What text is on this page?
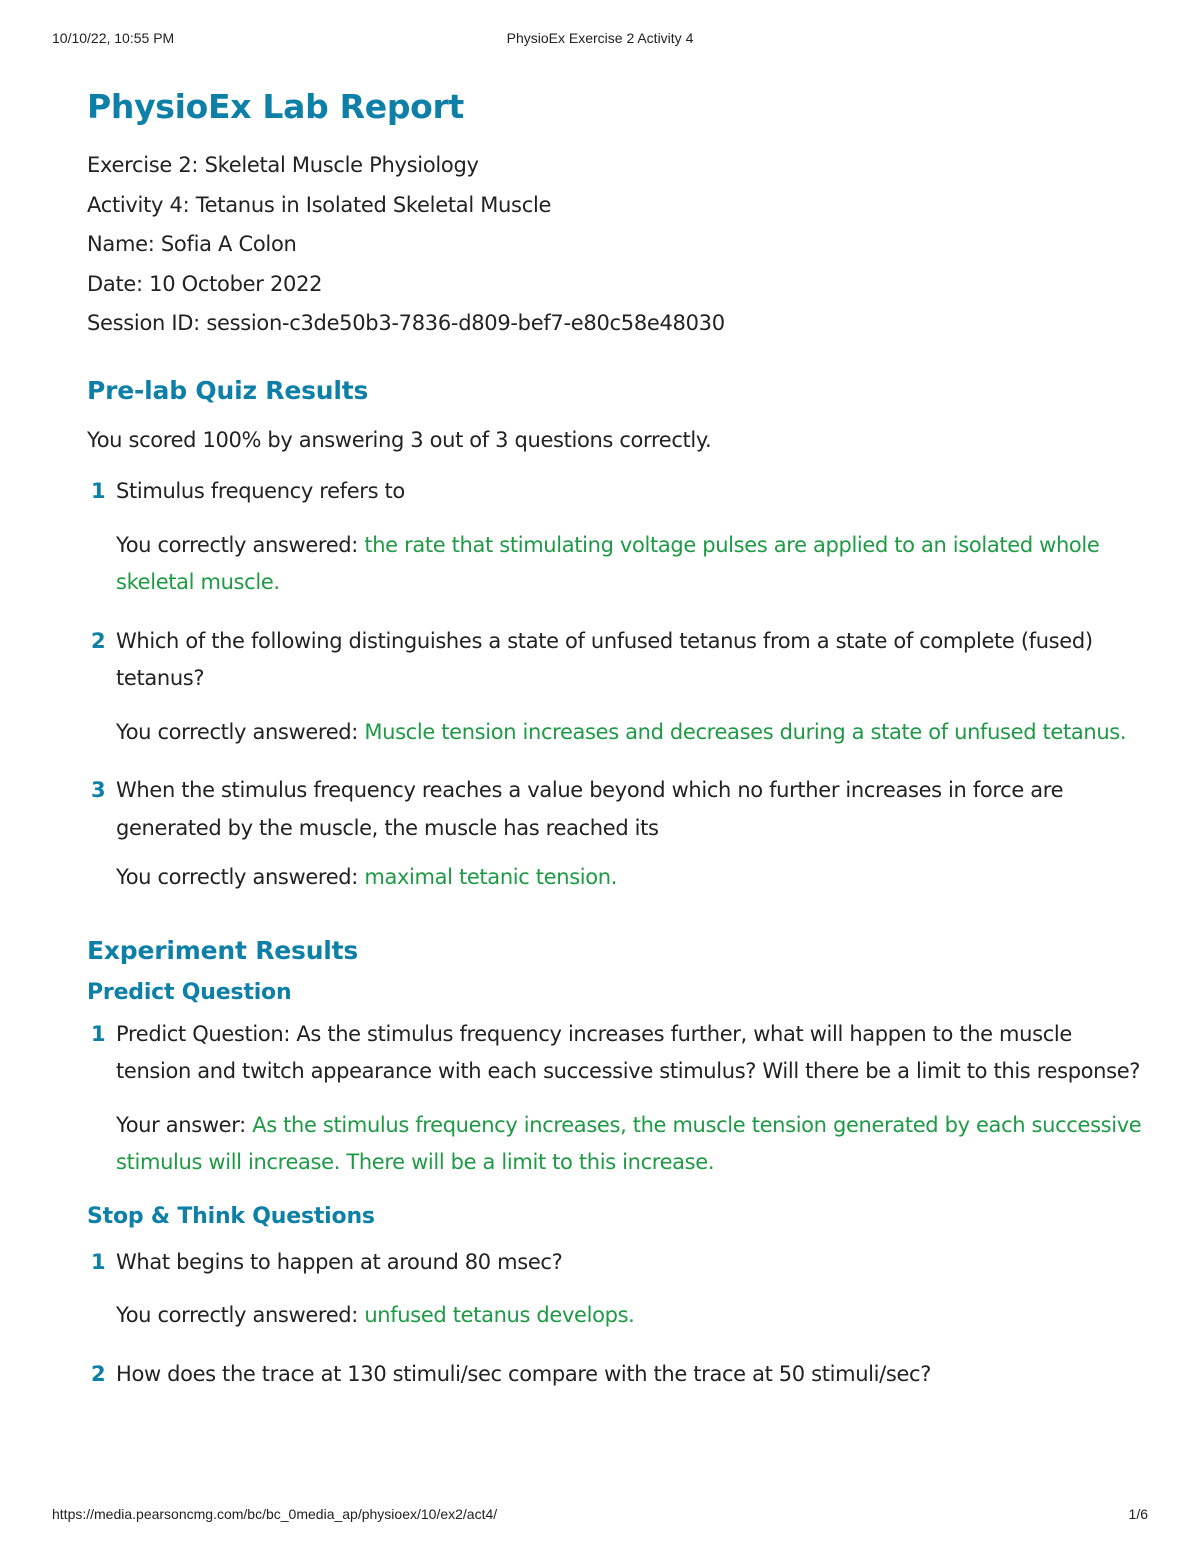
10/10/22, 10:55 PM	PhysioEx Exercise 2 Activity 4
PhysioEx Lab Report
Exercise 2: Skeletal Muscle Physiology
Activity 4: Tetanus in Isolated Skeletal Muscle
Name: Sofia A Colon
Date: 10 October 2022
Session ID: session-c3de50b3-7836-d809-bef7-e80c58e48030
Pre-lab Quiz Results

You scored 100% by answering 3 out of 3 questions correctly.

1 Stimulus frequency refers to
You correctly answered: the rate that stimulating voltage pulses are applied to an isolated whole skeletal muscle.
2 Which of the following distinguishes a state of unfused tetanus from a state of complete (fused) tetanus?
You correctly answered: Muscle tension increases and decreases during a state of unfused tetanus.
3 When the stimulus frequency reaches a value beyond which no further increases in force are generated by the muscle, the muscle has reached its
You correctly answered: maximal tetanic tension.
Experiment Results
Predict Question
1 Predict Question: As the stimulus frequency increases further, what will happen to the muscle tension and twitch appearance with each successive stimulus? Will there be a limit to this response?
Your answer: As the stimulus frequency increases, the muscle tension generated by each successive stimulus will increase. There will be a limit to this increase.
Stop & Think Questions
1 What begins to happen at around 80 msec?
You correctly answered: unfused tetanus develops.
2 How does the trace at 130 stimuli/sec compare with the trace at 50 stimuli/sec?
https://media.pearsoncmg.com/bc/bc_0media_ap/physioex/10/ex2/act4/	1/6
